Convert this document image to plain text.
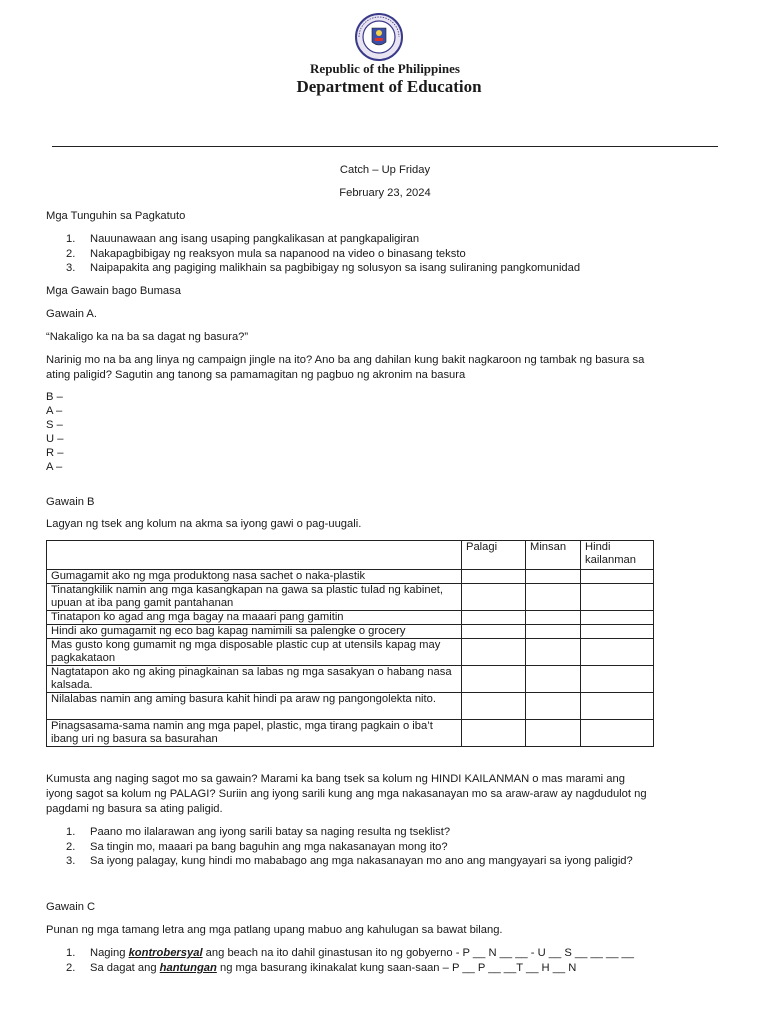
Republic of the Philippines
Department of Education
Catch – Up Friday
February 23, 2024
Mga Tunguhin sa Pagkatuto
1. Nauunawaan ang isang usaping pangkalikasan at pangkapaligiran
2. Nakapagbibigay ng reaksyon mula sa napanood na video o binasang teksto
3. Naipapakita ang pagiging malikhain sa pagbibigay ng solusyon sa isang suliraning pangkomunidad
Mga Gawain bago Bumasa
Gawain A.
“Nakaligo ka na ba sa dagat ng basura?”
Narinig mo na ba ang linya ng campaign jingle na ito? Ano ba ang dahilan kung bakit nagkaroon ng tambak ng basura sa
ating paligid? Sagutin ang tanong sa pamamagitan ng pagbuo ng akronim na basura
B –
A –
S –
U –
R –
A –
Gawain B
Lagyan ng tsek ang kolum na akma sa iyong gawi o pag-uugali.
	Palagi	Minsan	Hindi kailanman
Gumagamit ako ng mga produktong nasa sachet o naka-plastik			
Tinatangkilik namin ang mga kasangkapan na gawa sa plastic tulad ng kabinet, upuan at iba pang gamit pantahanan			
Tinatapon ko agad ang mga bagay na maaari pang gamitin			
Hindi ako gumagamit ng eco bag kapag namimili sa palengke o grocery			
Mas gusto kong gumamit ng mga disposable plastic cup at utensils kapag may pagkakataon			
Nagtatapon ako ng aking pinagkainan sa labas ng mga sasakyan o habang nasa kalsada.			
Nilalabas namin ang aming basura kahit hindi pa araw ng pangongolekta nito.			
Pinagsasama-sama namin ang mga papel, plastic, mga tirang pagkain o iba’t ibang uri ng basura sa basurahan			
Kumusta ang naging sagot mo sa gawain? Marami ka bang tsek sa kolum ng HINDI KAILANMAN o mas marami ang
iyong sagot sa kolum ng PALAGI? Suriin ang iyong sarili kung ang mga nakasanayan mo sa araw-araw ay nagdudulot ng
pagdami ng basura sa ating paligid.
1. Paano mo ilalarawan ang iyong sarili batay sa naging resulta ng tseklist?
2. Sa tingin mo, maaari pa bang baguhin ang mga nakasanayan mong ito?
3. Sa iyong palagay, kung hindi mo mababago ang mga nakasanayan mo ano ang mangyayari sa iyong paligid?
Gawain C
Punan ng mga tamang letra ang mga patlang upang mabuo ang kahulugan sa bawat bilang.
1. Naging kontrobersyal ang beach na ito dahil ginastusan ito ng gobyerno - P __ N __ __ - U __ S __ __ __ __
2. Sa dagat ang hantungan ng mga basurang ikinakalat kung saan-saan – P __ P __ __T __ H __ N
